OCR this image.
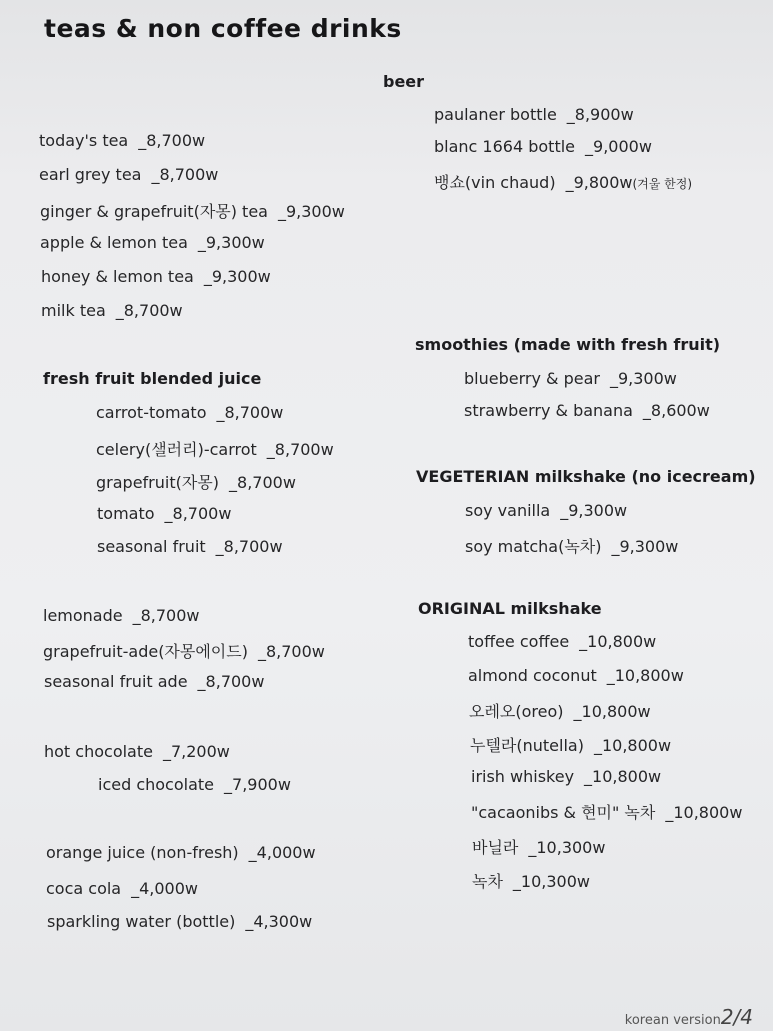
teas & non coffee drinks
today's tea _8,700w
earl grey tea _8,700w
ginger & grapefruit(자몽) tea _9,300w
apple & lemon tea _9,300w
honey & lemon tea _9,300w
milk tea _8,700w
fresh fruit blended juice
carrot-tomato _8,700w
celery(샐러리)-carrot _8,700w
grapefruit(자몽) _8,700w
tomato _8,700w
seasonal fruit _8,700w
lemonade _8,700w
grapefruit-ade(자몽에이드) _8,700w
seasonal fruit ade _8,700w
hot chocolate _7,200w
iced chocolate _7,900w
orange juice (non-fresh) _4,000w
coca cola _4,000w
sparkling water (bottle) _4,300w
beer
paulaner bottle _8,900w
blanc 1664 bottle _9,000w
뱅쇼(vin chaud) _9,800w(겨울 한정)
smoothies (made with fresh fruit)
blueberry & pear _9,300w
strawberry & banana _8,600w
VEGETERIAN milkshake (no icecream)
soy vanilla _9,300w
soy matcha(녹차) _9,300w
ORIGINAL milkshake
toffee coffee _10,800w
almond coconut _10,800w
오레오(oreo) _10,800w
누텔라(nutella) _10,800w
irish whiskey _10,800w
"cacaonibs & 현미" 녹차 _10,800w
바닐라 _10,300w
녹차 _10,300w
korean version2/4
